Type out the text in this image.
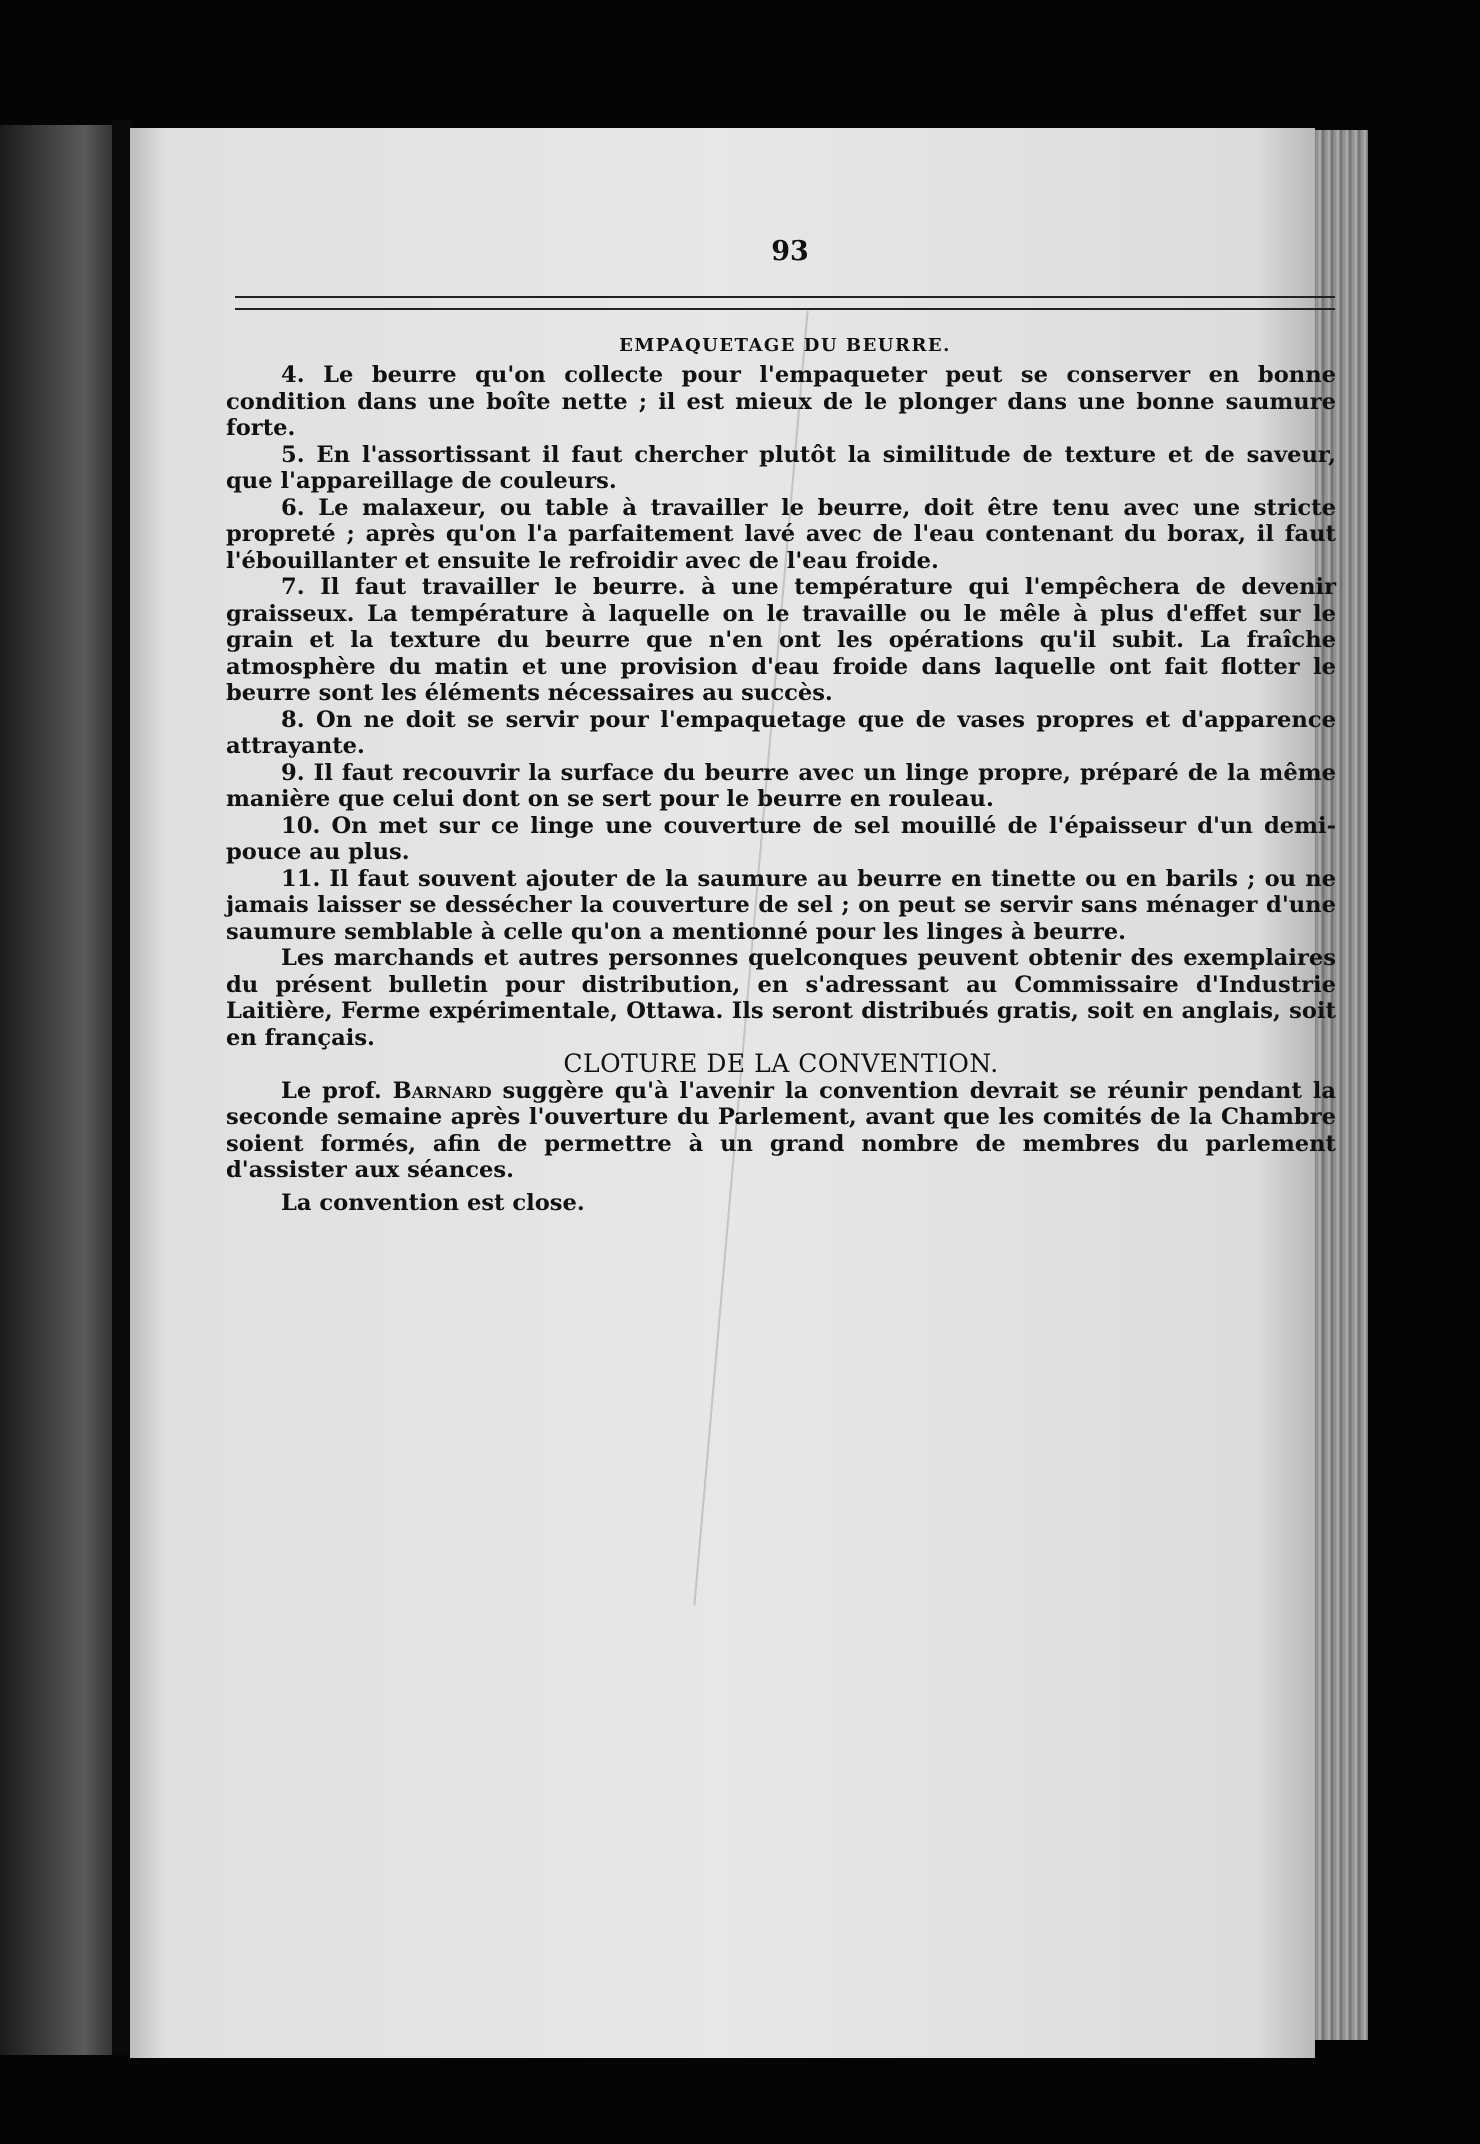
93
EMPAQUETAGE DU BEURRE.

4. Le beurre qu'on collecte pour l'empaqueter peut se conserver en bonne condition dans une boîte nette ; il est mieux de le plonger dans une bonne saumure forte.

5. En l'assortissant il faut chercher plutôt la similitude de texture et de saveur, que l'appareillage de couleurs.

6. Le malaxeur, ou table à travailler le beurre, doit être tenu avec une stricte propreté ; après qu'on l'a parfaitement lavé avec de l'eau contenant du borax, il faut l'ébouillanter et ensuite le refroidir avec de l'eau froide.

7. Il faut travailler le beurre. à une température qui l'empêchera de devenir graisseux. La température à laquelle on le travaille ou le mêle à plus d'effet sur le grain et la texture du beurre que n'en ont les opérations qu'il subit. La fraîche atmosphère du matin et une provision d'eau froide dans laquelle ont fait flotter le beurre sont les éléments nécessaires au succès.

8. On ne doit se servir pour l'empaquetage que de vases propres et d'apparence attrayante.

9. Il faut recouvrir la surface du beurre avec un linge propre, préparé de la même manière que celui dont on se sert pour le beurre en rouleau.

10. On met sur ce linge une couverture de sel mouillé de l'épaisseur d'un demi-pouce au plus.

11. Il faut souvent ajouter de la saumure au beurre en tinette ou en barils ; ou ne jamais laisser se dessécher la couverture de sel ; on peut se servir sans ménager d'une saumure semblable à celle qu'on a mentionné pour les linges à beurre.

Les marchands et autres personnes quelconques peuvent obtenir des exemplaires du présent bulletin pour distribution, en s'adressant au Commissaire d'Industrie Laitière, Ferme expérimentale, Ottawa. Ils seront distribués gratis, soit en anglais, soit en français.

CLOTURE DE LA CONVENTION.

Le prof. Barnard suggère qu'à l'avenir la convention devrait se réunir pendant la seconde semaine après l'ouverture du Parlement, avant que les comités de la Chambre soient formés, afin de permettre à un grand nombre de membres du parlement d'assister aux séances.

La convention est close.
